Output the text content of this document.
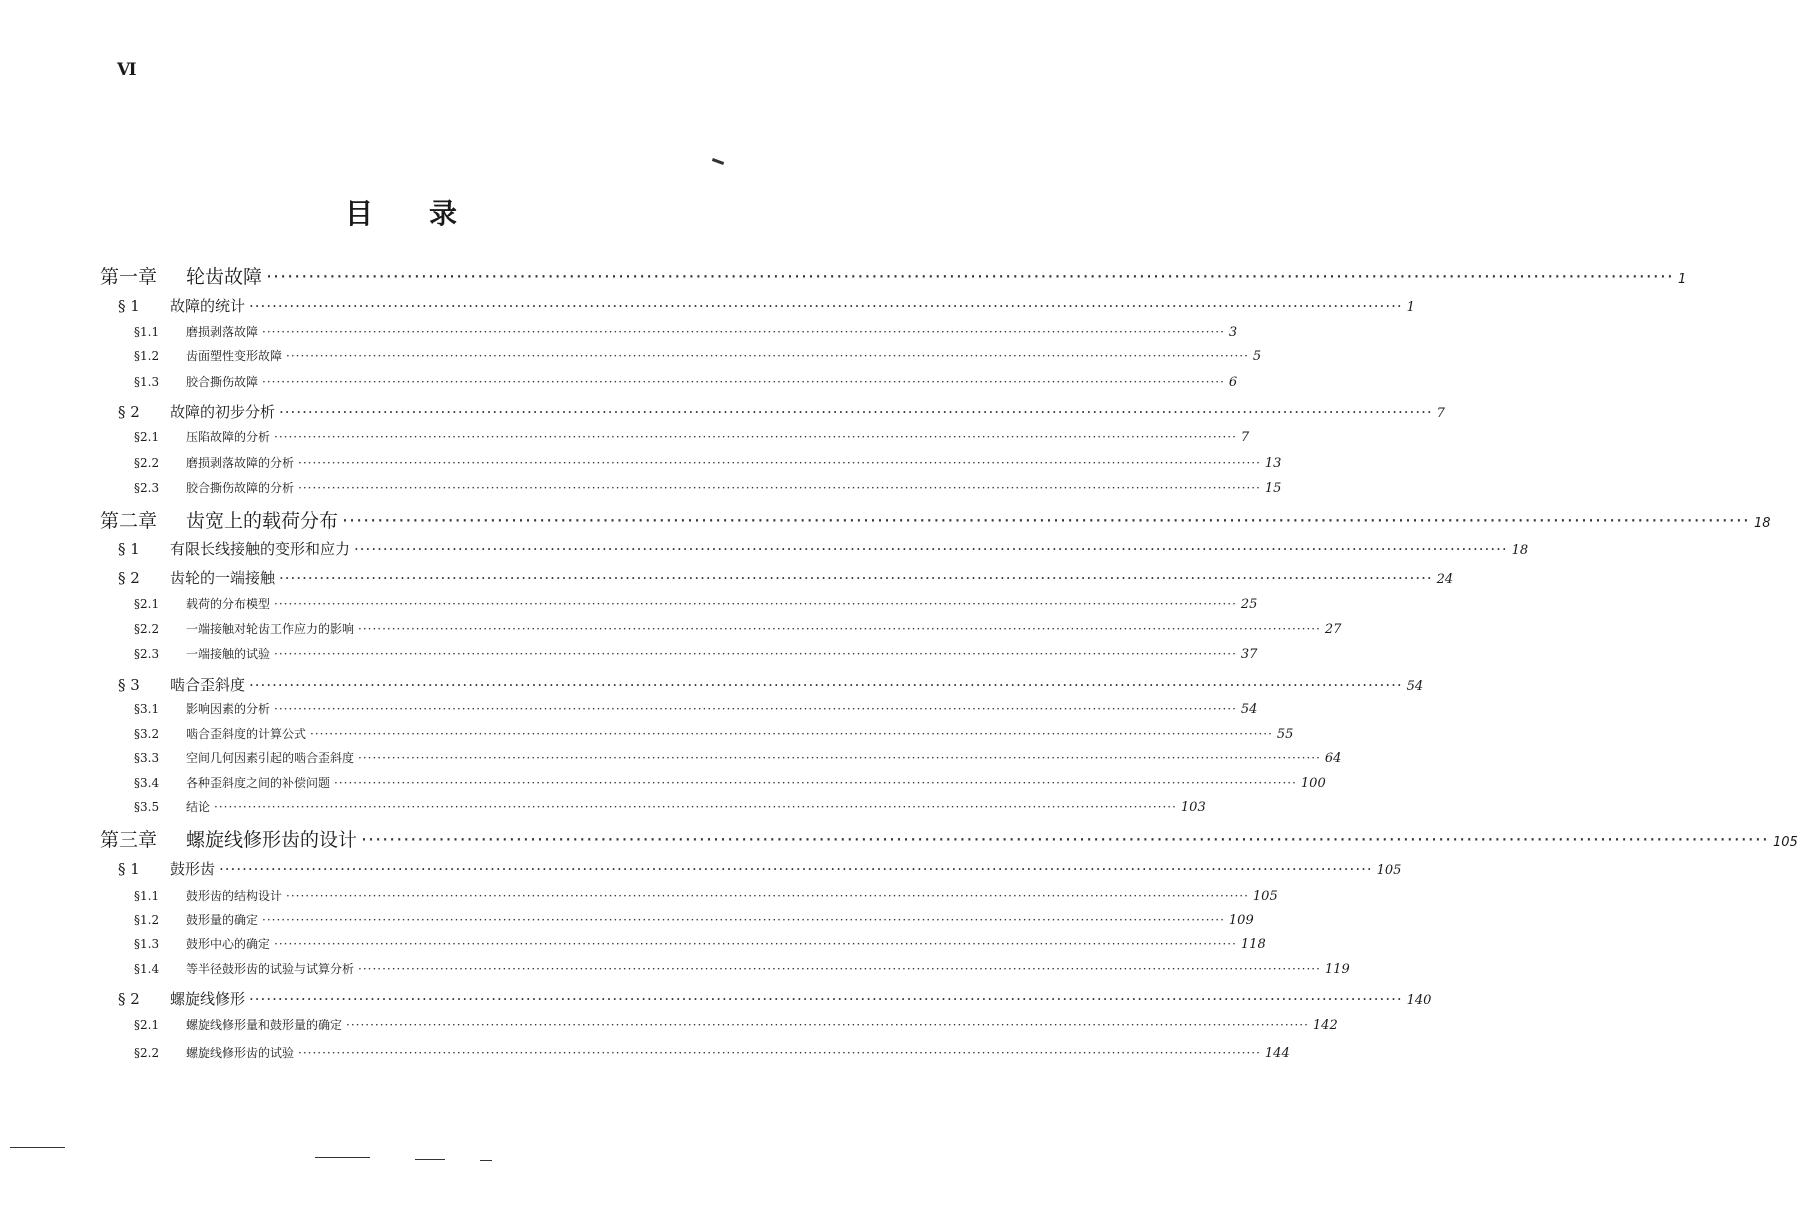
Ⅵ
目　　录
第一章 轮齿故障 ········································································································································································································ 1
§ 1 故障的统计 ········································································································································································································ 1
§1.1 磨损剥落故障 ········································································································································································································ 3
§1.2 齿面塑性变形故障 ········································································································································································································ 5
§1.3 胶合撕伤故障 ········································································································································································································ 6
§ 2 故障的初步分析 ········································································································································································································ 7
§2.1 压陷故障的分析 ········································································································································································································ 7
§2.2 磨损剥落故障的分析 ········································································································································································································ 13
§2.3 胶合撕伤故障的分析 ········································································································································································································ 15
第二章 齿宽上的载荷分布 ········································································································································································································ 18
§ 1 有限长线接触的变形和应力 ········································································································································································································ 18
§ 2 齿轮的一端接触 ········································································································································································································ 24
§2.1 载荷的分布模型 ········································································································································································································ 25
§2.2 一端接触对轮齿工作应力的影响 ········································································································································································································ 27
§2.3 一端接触的试验 ········································································································································································································ 37
§ 3 啮合歪斜度 ········································································································································································································ 54
§3.1 影响因素的分析 ········································································································································································································ 54
§3.2 啮合歪斜度的计算公式 ········································································································································································································ 55
§3.3 空间几何因素引起的啮合歪斜度 ········································································································································································································ 64
§3.4 各种歪斜度之间的补偿问题 ········································································································································································································ 100
§3.5 结论 ········································································································································································································ 103
第三章 螺旋线修形齿的设计 ········································································································································································································ 105
§ 1 鼓形齿 ········································································································································································································ 105
§1.1 鼓形齿的结构设计 ········································································································································································································ 105
§1.2 鼓形量的确定 ········································································································································································································ 109
§1.3 鼓形中心的确定 ········································································································································································································ 118
§1.4 等半径鼓形齿的试验与试算分析 ········································································································································································································ 119
§ 2 螺旋线修形 ········································································································································································································ 140
§2.1 螺旋线修形量和鼓形量的确定 ········································································································································································································ 142
§2.2 螺旋线修形齿的试验 ········································································································································································································ 144
